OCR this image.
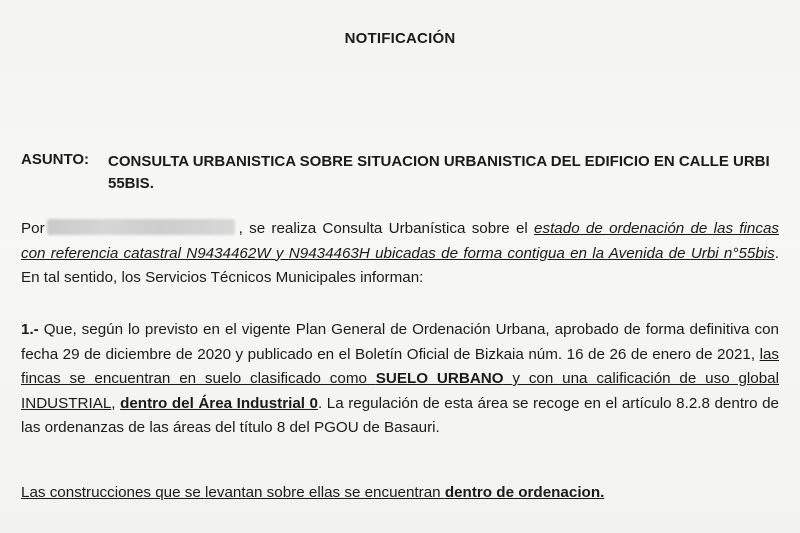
NOTIFICACIÓN
ASUNTO: CONSULTA URBANISTICA SOBRE SITUACION URBANISTICA DEL EDIFICIO EN CALLE URBI 55BIS.
Por	, se realiza Consulta Urbanística sobre el estado de ordenación de las fincas con referencia catastral N9434462W y N9434463H ubicadas de forma contigua en la Avenida de Urbi n°55bis. En tal sentido, los Servicios Técnicos Municipales informan:
1.- Que, según lo previsto en el vigente Plan General de Ordenación Urbana, aprobado de forma definitiva con fecha 29 de diciembre de 2020 y publicado en el Boletín Oficial de Bizkaia núm. 16 de 26 de enero de 2021, las fincas se encuentran en suelo clasificado como SUELO URBANO y con una calificación de uso global INDUSTRIAL, dentro del Área Industrial 0. La regulación de esta área se recoge en el artículo 8.2.8 dentro de las ordenanzas de las áreas del título 8 del PGOU de Basauri.
Las construcciones que se levantan sobre ellas se encuentran dentro de ordenacion.
